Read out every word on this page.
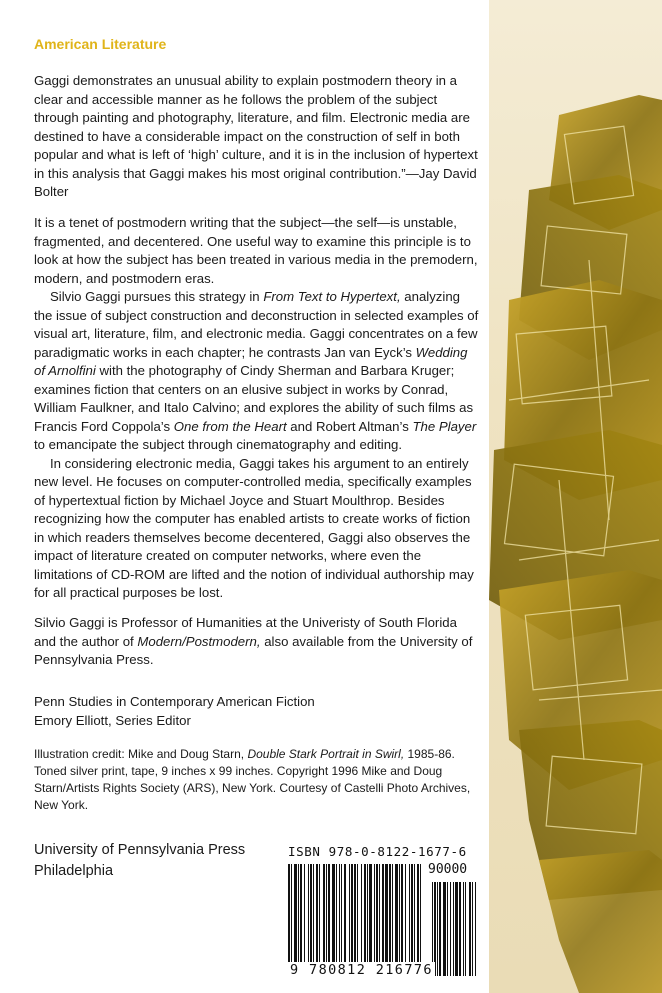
American Literature

Gaggi demonstrates an unusual ability to explain postmodern theory in a clear and accessible manner as he follows the problem of the subject through painting and photography, literature, and film. Electronic media are destined to have a considerable impact on the construction of self in both popular and what is left of ‘high’ culture, and it is in the inclusion of hypertext in this analysis that Gaggi makes his most original contribution.”—Jay David Bolter

It is a tenet of postmodern writing that the subject—the self—is unstable, fragmented, and decentered. One useful way to examine this principle is to look at how the subject has been treated in various media in the premodern, modern, and postmodern eras.

Silvio Gaggi pursues this strategy in From Text to Hypertext, analyzing the issue of subject construction and deconstruction in selected examples of visual art, literature, film, and electronic media. Gaggi concentrates on a few paradigmatic works in each chapter; he contrasts Jan van Eyck’s Wedding of Arnolfini with the photography of Cindy Sherman and Barbara Kruger; examines fiction that centers on an elusive subject in works by Conrad, William Faulkner, and Italo Calvino; and explores the ability of such films as Francis Ford Coppola’s One from the Heart and Robert Altman’s The Player to emancipate the subject through cinematography and editing.

In considering electronic media, Gaggi takes his argument to an entirely new level. He focuses on computer-controlled media, specifically examples of hypertextual fiction by Michael Joyce and Stuart Moulthrop. Besides recognizing how the computer has enabled artists to create works of fiction in which readers themselves become decentered, Gaggi also observes the impact of literature created on computer networks, where even the limitations of CD-ROM are lifted and the notion of individual authorship may for all practical purposes be lost.

Silvio Gaggi is Professor of Humanities at the Univeristy of South Florida and the author of Modern/Postmodern, also available from the University of Pennsylvania Press.

Penn Studies in Contemporary American Fiction

Emory Elliott, Series Editor

Illustration credit: Mike and Doug Starn, Double Stark Portrait in Swirl, 1985-86. Toned silver print, tape, 9 inches x 99 inches. Copyright 1996 Mike and Doug Starn/Artists Rights Society (ARS), New York. Courtesy of Castelli Photo Archives, New York.

University of Pennsylvania Press
Philadelphia
ISBN 978-0-8122-1677-6
90000
9 780812 216776
